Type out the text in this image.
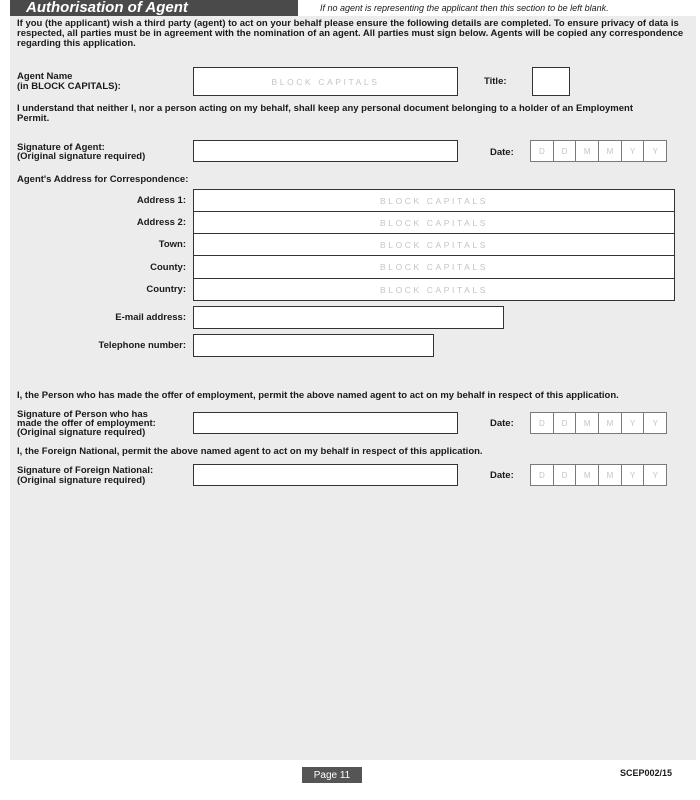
Authorisation of Agent	If no agent is representing the applicant then this section to be left blank.
If you (the applicant) wish a third party (agent) to act on your behalf please ensure the following details are completed. To ensure privacy of data is respected, all parties must be in agreement with the nomination of an agent. All parties must sign below. Agents will be copied any correspondence regarding this application.
Agent Name
(in BLOCK CAPITALS):	BLOCK CAPITALS	Title:
I understand that neither I, nor a person acting on my behalf, shall keep any personal document belonging to a holder of an Employment Permit.
Signature of Agent:
(Original signature required)	Date:	D	D	M	M	Y	Y
Agent's Address for Correspondence:
Address 1:	BLOCK CAPITALS
Address 2:	BLOCK CAPITALS
Town:	BLOCK CAPITALS
County:	BLOCK CAPITALS
Country:	BLOCK CAPITALS
E-mail address:
Telephone number:
I, the Person who has made the offer of employment, permit the above named agent to act on my behalf in respect of this application.
Signature of Person who has
made the offer of employment:
(Original signature required)
Date:	D	D	M	M	Y	Y
I, the Foreign National, permit the above named agent to act on my behalf in respect of this application.
Signature of Foreign National:
(Original signature required)	Date:	D	D	M	M	Y	Y
Page 11	SCEP002/15
